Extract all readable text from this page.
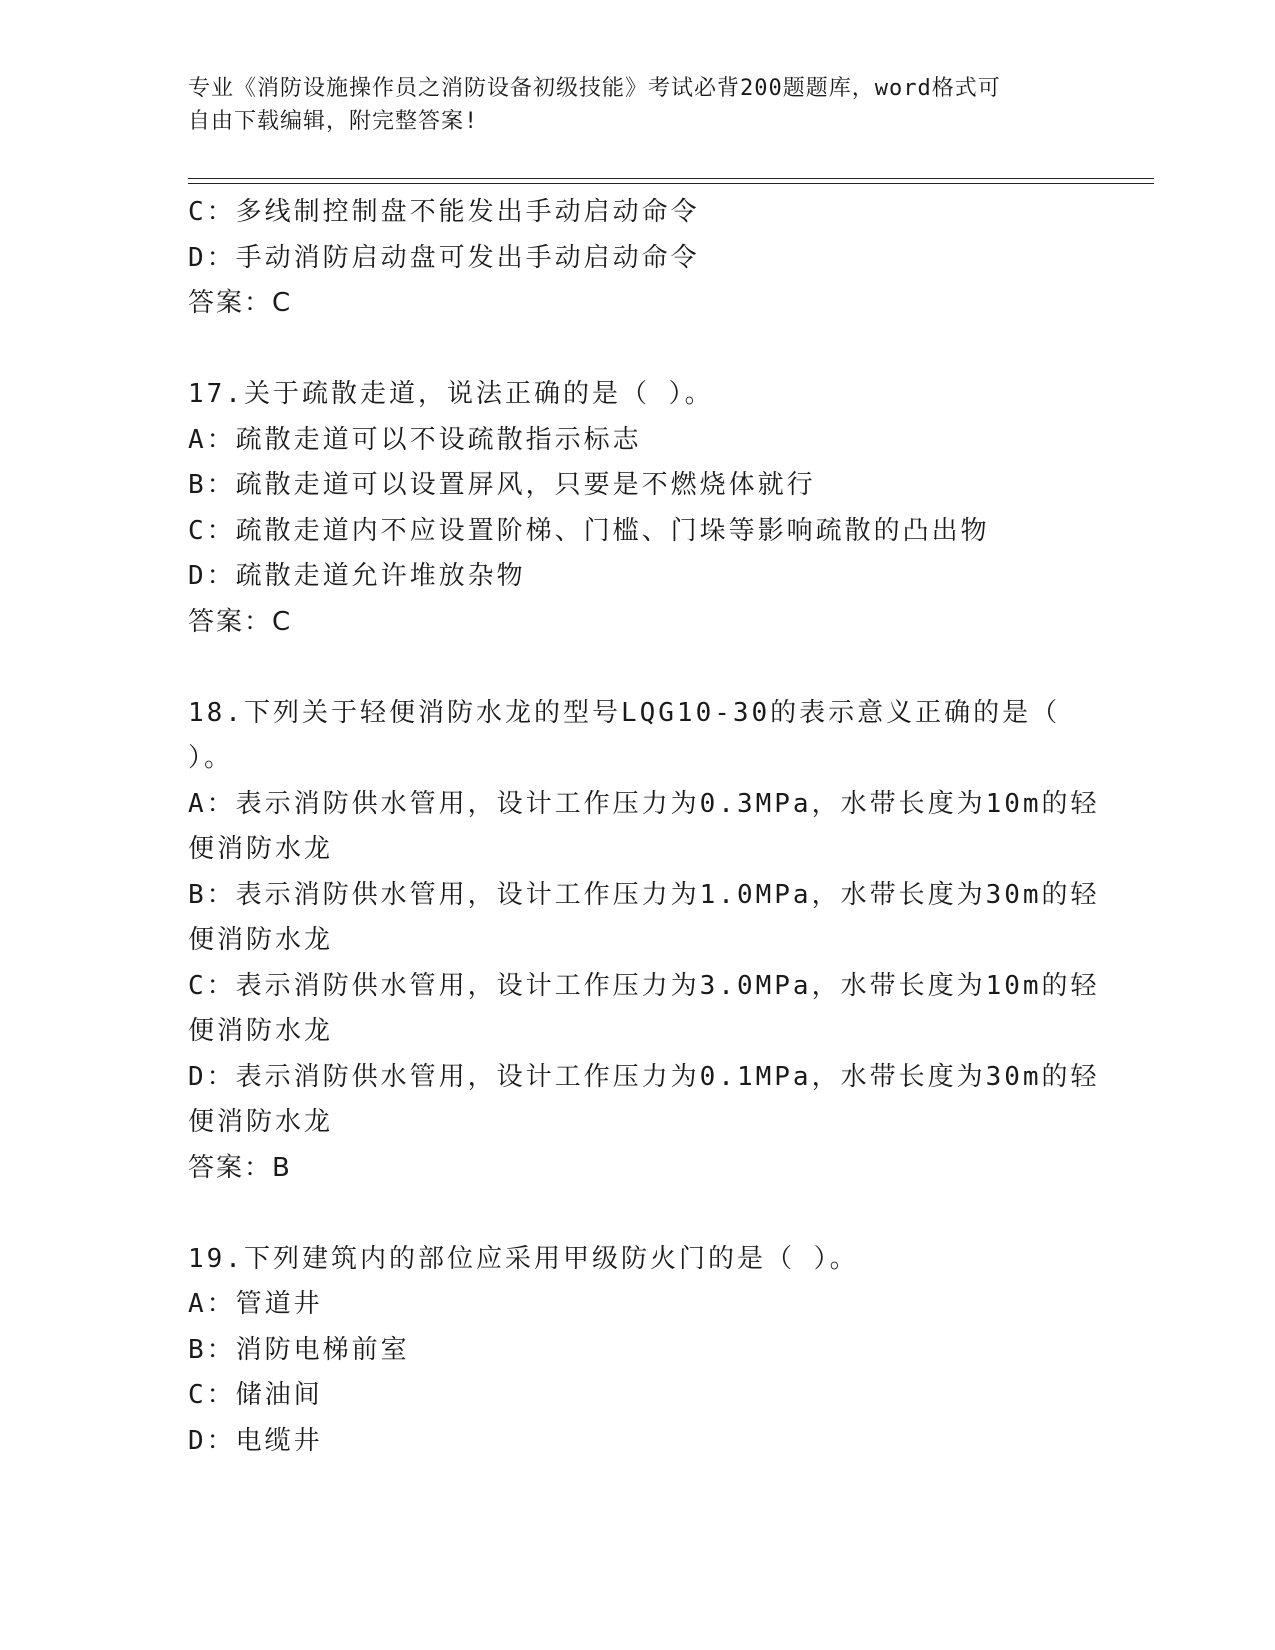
专业《消防设施操作员之消防设备初级技能》考试必背200题题库，word格式可
自由下载编辑，附完整答案!
C：多线制控制盘不能发出手动启动命令
D：手动消防启动盘可发出手动启动命令
答案：C
17.关于疏散走道，说法正确的是（ ）。
A：疏散走道可以不设疏散指示标志
B：疏散走道可以设置屏风，只要是不燃烧体就行
C：疏散走道内不应设置阶梯、门槛、门垛等影响疏散的凸出物
D：疏散走道允许堆放杂物
答案：C
18.下列关于轻便消防水龙的型号LQG10-30的表示意义正确的是（
）。
A：表示消防供水管用，设计工作压力为0.3MPa，水带长度为10m的轻
便消防水龙
B：表示消防供水管用，设计工作压力为1.0MPa，水带长度为30m的轻
便消防水龙
C：表示消防供水管用，设计工作压力为3.0MPa，水带长度为10m的轻
便消防水龙
D：表示消防供水管用，设计工作压力为0.1MPa，水带长度为30m的轻
便消防水龙
答案：B
19.下列建筑内的部位应采用甲级防火门的是（ ）。
A：管道井
B：消防电梯前室
C：储油间
D：电缆井
